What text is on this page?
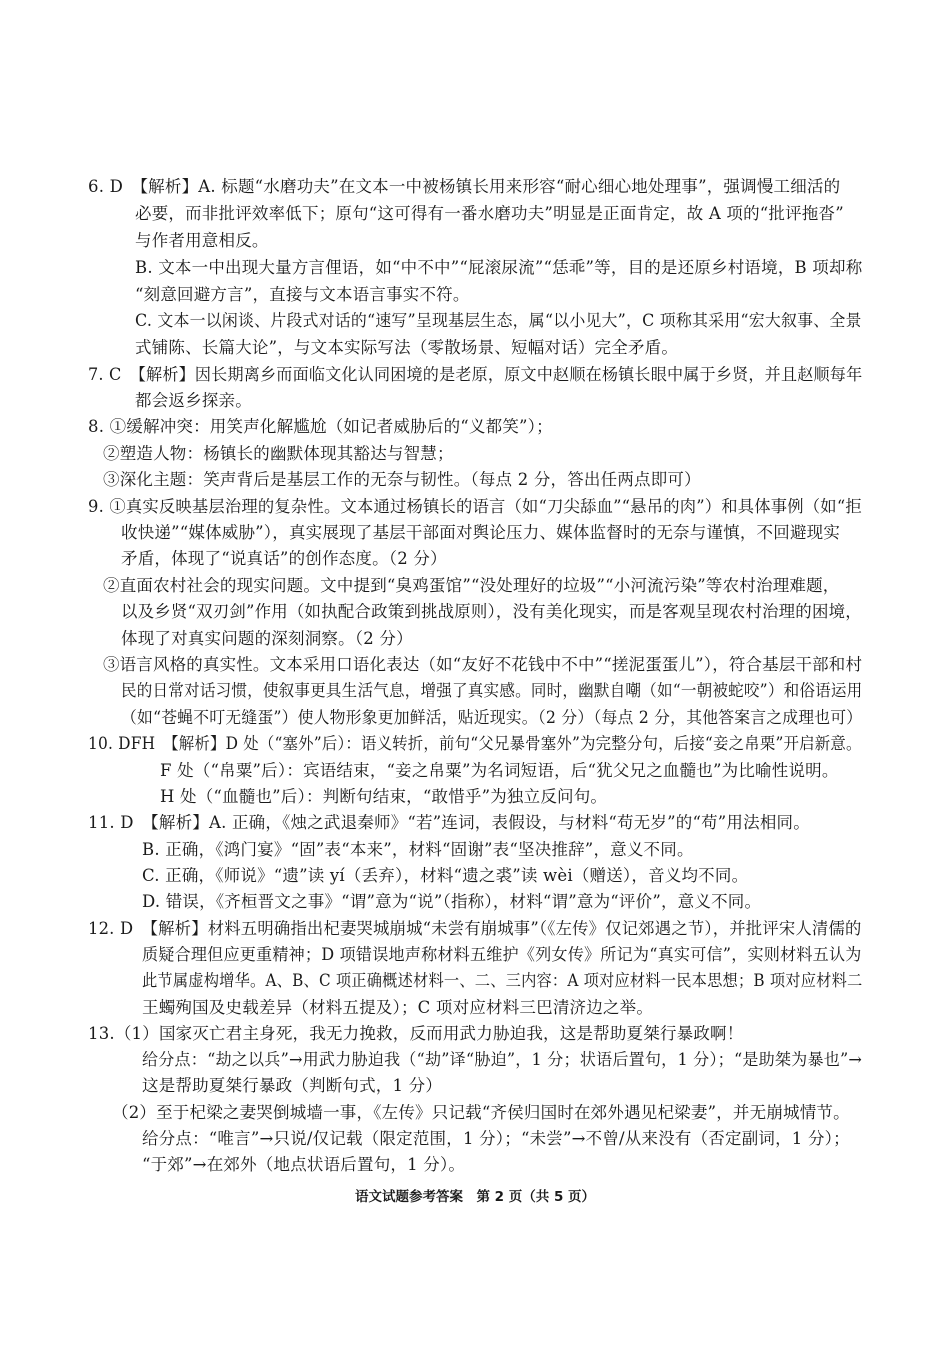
6. D　【解析】A. 标题“水磨功夫”在文本一中被杨镇长用来形容“耐心细心地处理事”，强调慢工细活的
必要，而非批评效率低下；原句“这可得有一番水磨功夫”明显是正面肯定，故 A 项的“批评拖沓”
与作者用意相反。
B. 文本一中出现大量方言俚语，如“中不中”“屁滚尿流”“恁乖”等，目的是还原乡村语境，B 项却称
“刻意回避方言”，直接与文本语言事实不符。
C. 文本一以闲谈、片段式对话的“速写”呈现基层生态，属“以小见大”，C 项称其采用“宏大叙事、全景
式铺陈、长篇大论”，与文本实际写法（零散场景、短幅对话）完全矛盾。
7. C　【解析】因长期离乡而面临文化认同困境的是老原，原文中赵顺在杨镇长眼中属于乡贤，并且赵顺每年
都会返乡探亲。
8. ①缓解冲突：用笑声化解尴尬（如记者威胁后的“义都笑”）；
②塑造人物：杨镇长的幽默体现其豁达与智慧；
③深化主题：笑声背后是基层工作的无奈与韧性。（每点 2 分，答出任两点即可）
9. ①真实反映基层治理的复杂性。文本通过杨镇长的语言（如“刀尖舔血”“悬吊的肉”）和具体事例（如“拒
收快递”“媒体威胁”），真实展现了基层干部面对舆论压力、媒体监督时的无奈与谨慎，不回避现实
矛盾，体现了“说真话”的创作态度。（2 分）
②直面农村社会的现实问题。文中提到“臭鸡蛋馆”“没处理好的垃圾”“小河流污染”等农村治理难题，
以及乡贤“双刃剑”作用（如执配合政策到挑战原则），没有美化现实，而是客观呈现农村治理的困境，
体现了对真实问题的深刻洞察。（2 分）
③语言风格的真实性。文本采用口语化表达（如“友好不花钱中不中”“搓泥蛋蛋儿”），符合基层干部和村
民的日常对话习惯，使叙事更具生活气息，增强了真实感。同时，幽默自嘲（如“一朝被蛇咬”）和俗语运用
（如“苍蝇不叮无缝蛋”）使人物形象更加鲜活，贴近现实。（2 分）（每点 2 分，其他答案言之成理也可）
10. DFH　【解析】D 处（“塞外”后）：语义转折，前句“父兄暴骨塞外”为完整分句，后接“妾之帛栗”开启新意。
F 处（“帛粟”后）：宾语结束，“妾之帛粟”为名词短语，后“犹父兄之血髓也”为比喻性说明。
H 处（“血髓也”后）：判断句结束，“敢惜乎”为独立反问句。
11. D　【解析】A. 正确，《烛之武退秦师》“若”连词，表假设，与材料“苟无岁”的“苟”用法相同。
B. 正确，《鸿门宴》“固”表“本来”，材料“固谢”表“坚决推辞”，意义不同。
C. 正确，《师说》“遗”读 yí（丢弃），材料“遗之裘”读 wèi（赠送），音义均不同。
D. 错误，《齐桓晋文之事》“谓”意为“说”（指称），材料“谓”意为“评价”，意义不同。
12. D　【解析】材料五明确指出杞妻哭城崩城“未尝有崩城事”（《左传》仅记郊遇之节），并批评宋人清儒的
质疑合理但应更重精神；D 项错误地声称材料五维护《列女传》所记为“真实可信”，实则材料五认为
此节属虚构增华。A、B、C 项正确概述材料一、二、三内容：A 项对应材料一民本思想；B 项对应材料二
王蠋殉国及史载差异（材料五提及）；C 项对应材料三巴清济边之举。
13.（1）国家灭亡君主身死，我无力挽救，反而用武力胁迫我，这是帮助夏桀行暴政啊！
给分点：“劫之以兵”→用武力胁迫我（“劫”译“胁迫”，1 分；状语后置句，1 分）；“是助桀为暴也”→
这是帮助夏桀行暴政（判断句式，1 分）
（2）至于杞梁之妻哭倒城墙一事，《左传》只记载“齐侯归国时在郊外遇见杞梁妻”，并无崩城情节。
给分点：“唯言”→只说/仅记载（限定范围，1 分）；“未尝”→不曾/从来没有（否定副词，1 分）；
“于郊”→在郊外（地点状语后置句，1 分）。
语文试题参考答案　第 2 页（共 5 页）
